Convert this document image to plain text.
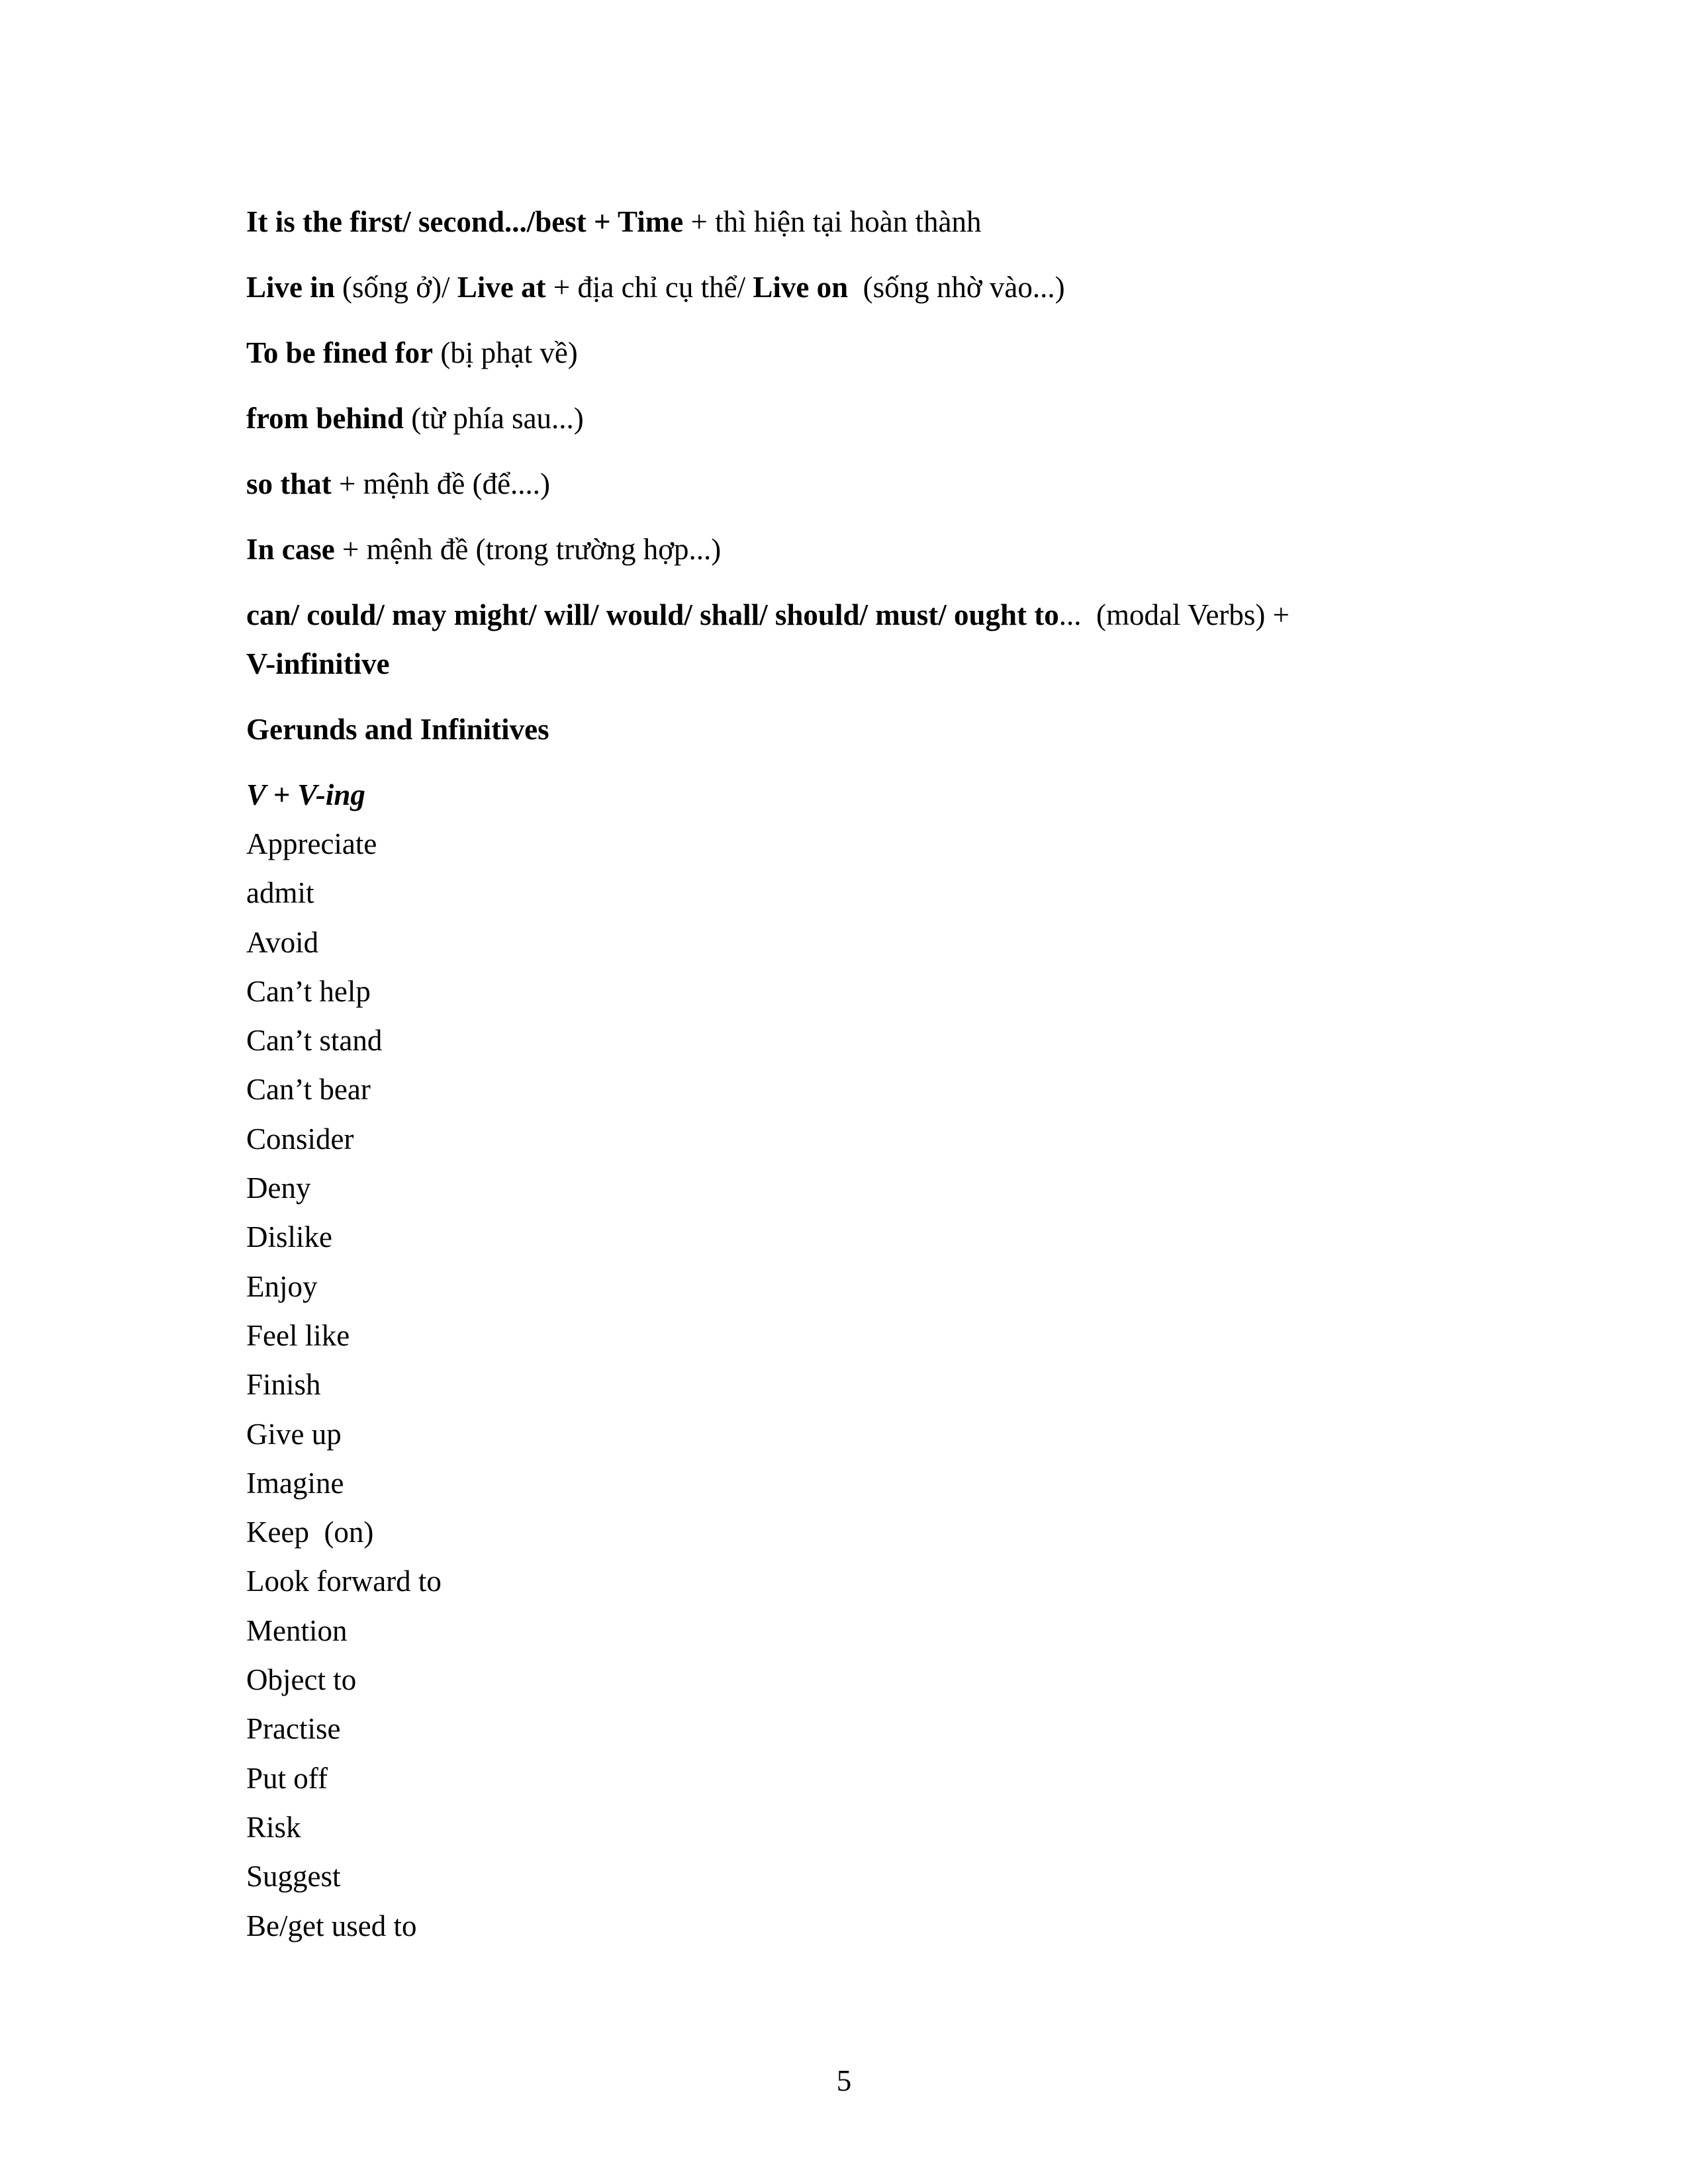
It is the first/ second.../best + Time + thì hiện tại hoàn thành

Live in (sống ở)/ Live at + địa chỉ cụ thể/ Live on  (sống nhờ vào...)

To be fined for (bị phạt về)

from behind (từ phía sau...)

so that + mệnh đề (để....)

In case + mệnh đề (trong trường hợp...)

can/ could/ may might/ will/ would/ shall/ should/ must/ ought to...  (modal Verbs) +
V-infinitive

Gerunds and Infinitives

V + V-ing

Appreciate
admit
Avoid
Can’t help
Can’t stand
Can’t bear
Consider
Deny
Dislike
Enjoy
Feel like
Finish
Give up
Imagine
Keep  (on)
Look forward to
Mention
Object to
Practise
Put off
Risk
Suggest
Be/get used to
5
